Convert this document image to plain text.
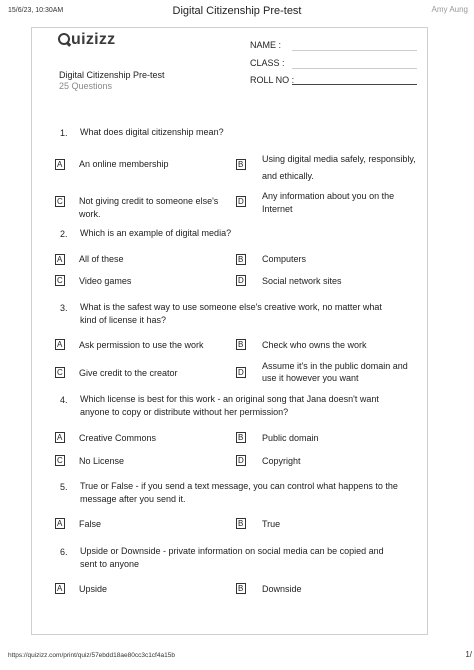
15/6/23, 10:30AM	Digital Citizenship Pre-test	Amy Aung
uizizz
Digital Citizenship Pre-test
25 Questions
NAME :
CLASS :
ROLL NO :
1. What does digital citizenship mean?
A An online membership	B
Using digital media safely, responsibly, and ethically.
C Not giving credit to someone else's work.
D
Any information about you on the Internet
2. Which is an example of digital media?
A All of these	B Computers
C Video games	D Social network sites
3. What is the safest way to use someone else's creative work, no matter what kind of license it has?
A Ask permission to use the work	B Check who owns the work
C Give credit to the creator	D
Assume it's in the public domain and use it however you want
4. Which license is best for this work - an original song that Jana doesn't want anyone to copy or distribute without her permission?
A Creative Commons	B Public domain
C No License	D Copyright
5. True or False - if you send a text message, you can control what happens to the message after you send it.
A False	B True
6. Upside or Downside - private information on social media can be copied and sent to anyone
A Upside	B Downside
https://quizizz.com/print/quiz/57ebdd18ae80cc3c1cf4a15b	1/
